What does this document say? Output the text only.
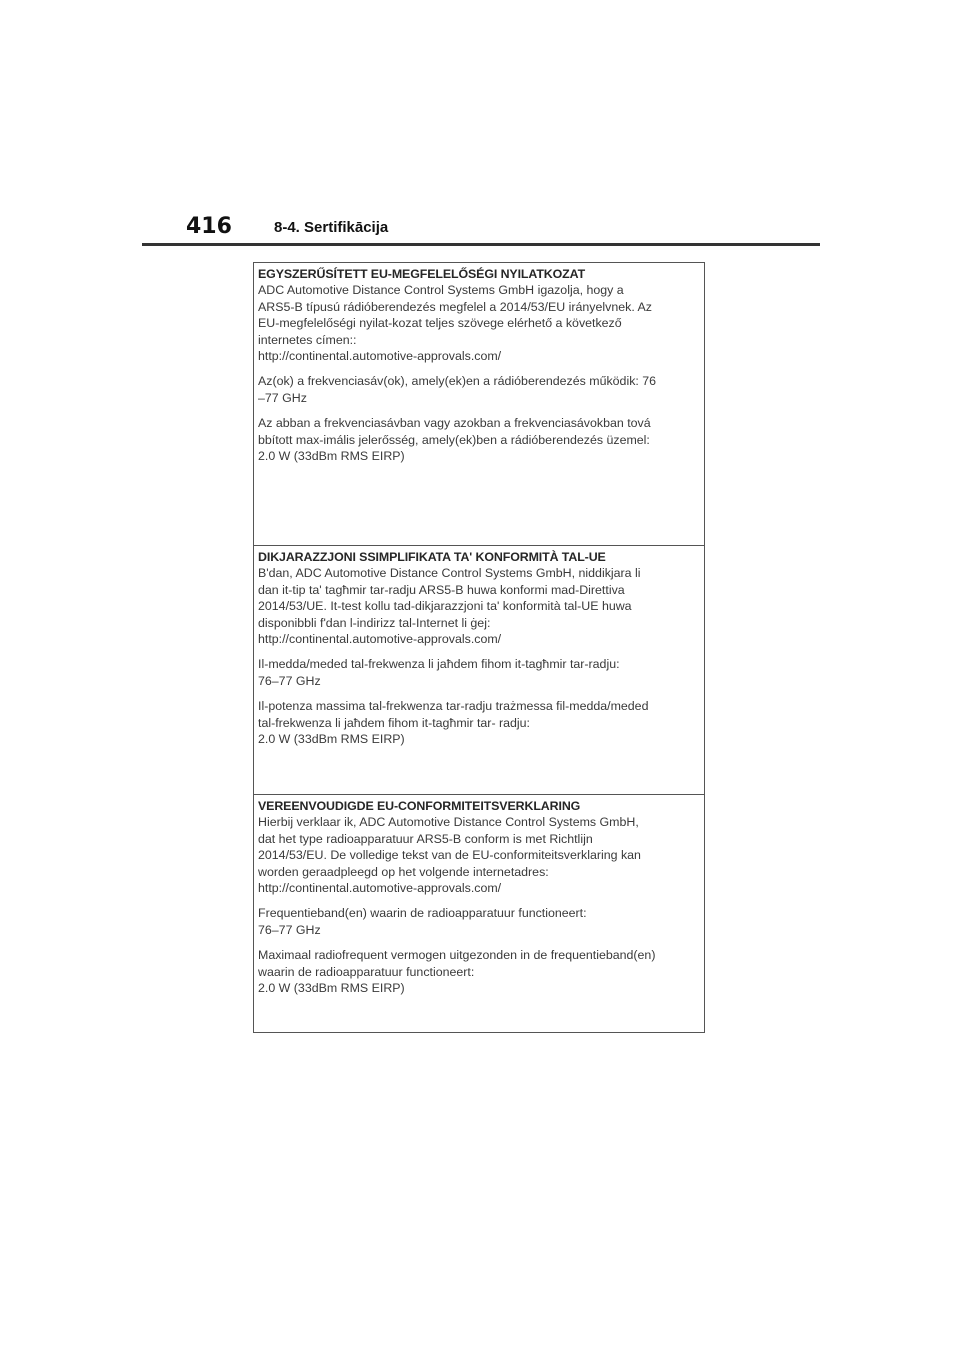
416	8-4. Sertifikācija
EGYSZERŰSÍTETT EU-MEGFELELŐSÉGI NYILATKOZAT

ADC Automotive Distance Control Systems GmbH igazolja, hogy a
ARS5-B típusú rádióberendezés megfelel a 2014/53/EU irányelvnek. Az
EU-megfelelőségi nyilat-kozat teljes szövege elérhető a következő
internetes címen::
http://continental.automotive-approvals.com/

Az(ok) a frekvenciasáv(ok), amely(ek)en a rádióberendezés működik: 76
–77 GHz

Az abban a frekvenciasávban vagy azokban a frekvenciasávokban tová
bbított max-imális jelerősség, amely(ek)ben a rádióberendezés üzemel:
2.0 W (33dBm RMS EIRP)

DIKJARAZZJONI SSIMPLIFIKATA TA' KONFORMITÀ TAL-UE

B'dan, ADC Automotive Distance Control Systems GmbH, niddikjara li
dan it-tip ta' tagħmir tar-radju ARS5-B huwa konformi mad-Direttiva
2014/53/UE. It-test kollu tad-dikjarazzjoni ta' konformità tal-UE huwa
disponibbli f'dan l-indirizz tal-Internet li ġej:
http://continental.automotive-approvals.com/

Il-medda/meded tal-frekwenza li jaħdem fihom it-tagħmir tar-radju:
76–77 GHz

Il-potenza massima tal-frekwenza tar-radju trażmessa fil-medda/meded
tal-frekwenza li jaħdem fihom it-tagħmir tar- radju:
2.0 W (33dBm RMS EIRP)

VEREENVOUDIGDE EU-CONFORMITEITSVERKLARING

Hierbij verklaar ik, ADC Automotive Distance Control Systems GmbH,
dat het type radioapparatuur ARS5-B conform is met Richtlijn
2014/53/EU. De volledige tekst van de EU-conformiteitsverklaring kan
worden geraadpleegd op het volgende internetadres:
http://continental.automotive-approvals.com/

Frequentieband(en) waarin de radioapparatuur functioneert:
76–77 GHz

Maximaal radiofrequent vermogen uitgezonden in de frequentieband(en)
waarin de radioapparatuur functioneert:
2.0 W (33dBm RMS EIRP)
